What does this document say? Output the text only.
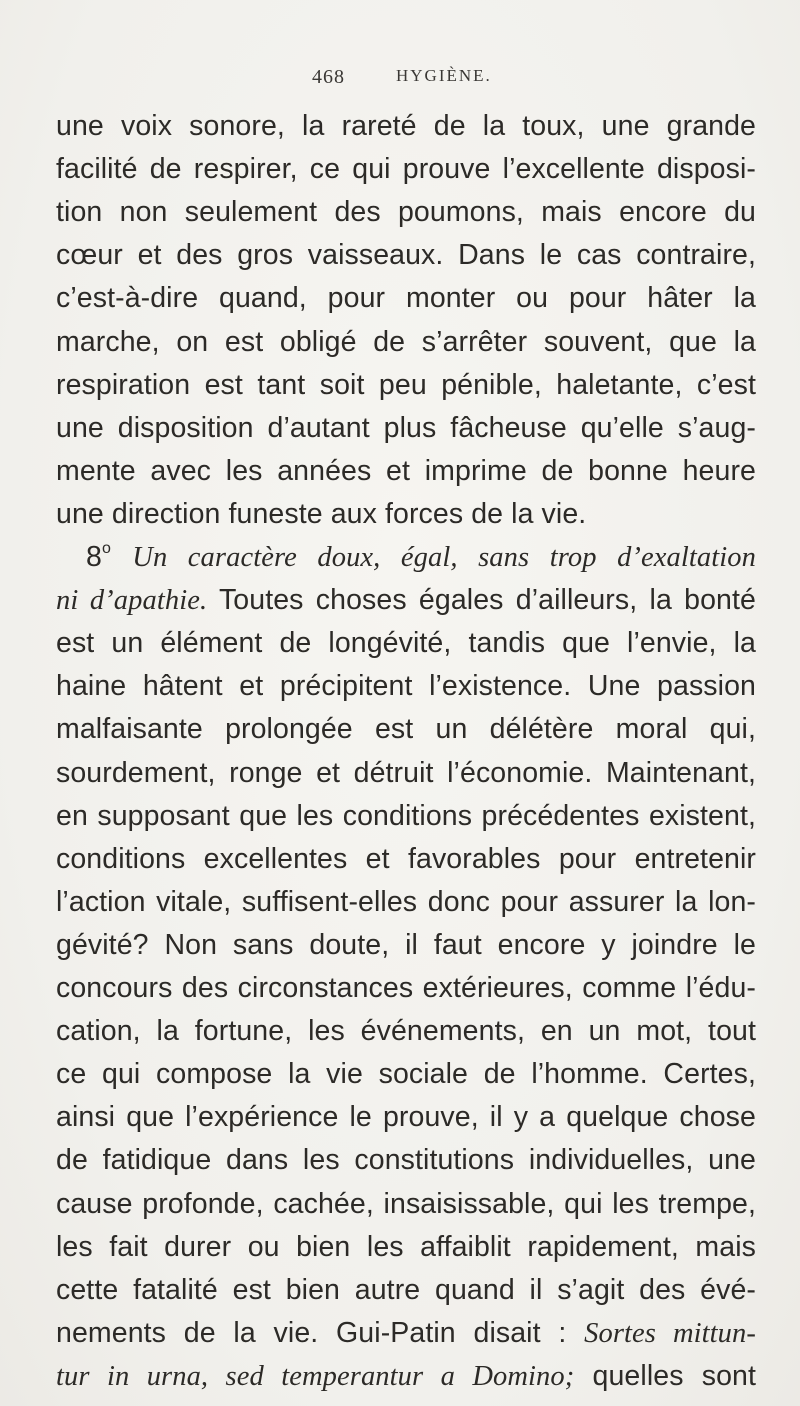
468	HYGIÈNE.
une voix sonore, la rareté de la toux, une grande
facilité de respirer, ce qui prouve l’excellente disposi-
tion non seulement des poumons, mais encore du
cœur et des gros vaisseaux. Dans le cas contraire,
c’est-à-dire quand, pour monter ou pour hâter la
marche, on est obligé de s’arrêter souvent, que la
respiration est tant soit peu pénible, haletante, c’est
une disposition d’autant plus fâcheuse qu’elle s’aug-
mente avec les années et imprime de bonne heure
une direction funeste aux forces de la vie.
8$^o$ Un caractère doux, égal, sans trop d’exaltation
ni d’apathie. Toutes choses égales d’ailleurs, la bonté
est un élément de longévité, tandis que l’envie, la
haine hâtent et précipitent l’existence. Une passion
malfaisante prolongée est un délétère moral qui,
sourdement, ronge et détruit l’économie. Maintenant,
en supposant que les conditions précédentes existent,
conditions excellentes et favorables pour entretenir
l’action vitale, suffisent-elles donc pour assurer la lon-
gévité? Non sans doute, il faut encore y joindre le
concours des circonstances extérieures, comme l’édu-
cation, la fortune, les événements, en un mot, tout
ce qui compose la vie sociale de l’homme. Certes,
ainsi que l’expérience le prouve, il y a quelque chose
de fatidique dans les constitutions individuelles, une
cause profonde, cachée, insaisissable, qui les trempe,
les fait durer ou bien les affaiblit rapidement, mais
cette fatalité est bien autre quand il s’agit des évé-
nements de la vie. Gui-Patin disait : Sortes mittun-
tur in urna, sed temperantur a Domino; quelles sont
